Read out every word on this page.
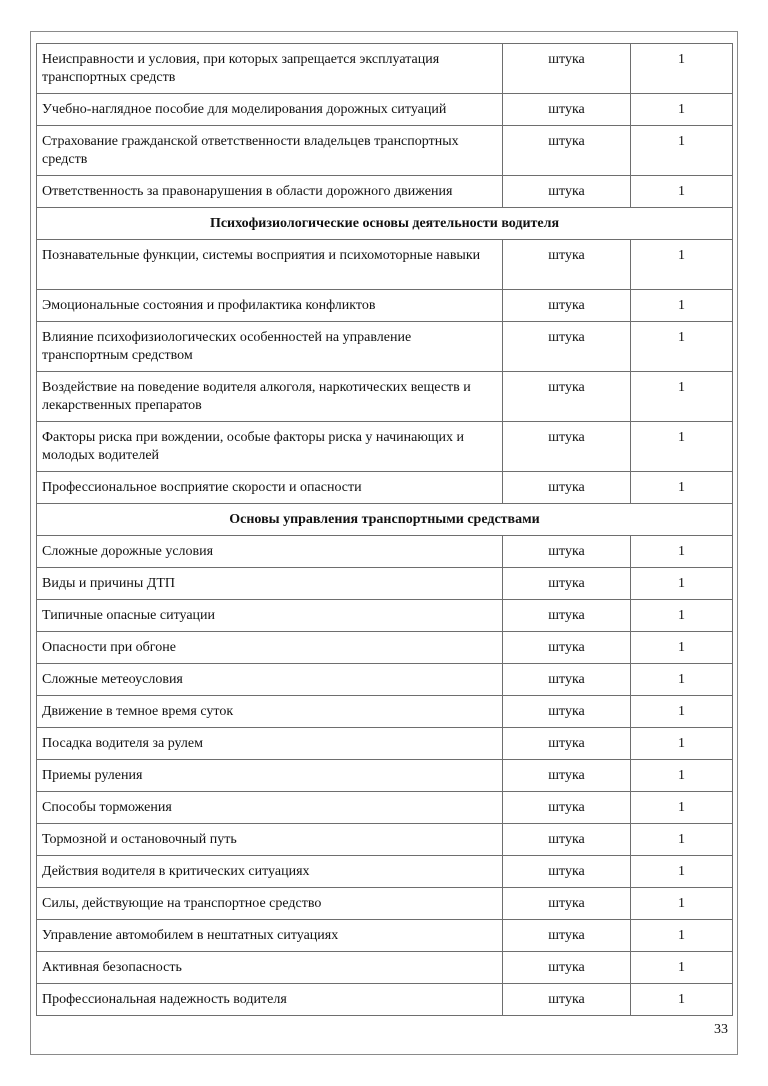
Неисправности и условия, при которых запрещается эксплуатация транспортных средств	штука	1
Учебно-наглядное пособие для моделирования дорожных ситуаций	штука	1
Страхование гражданской ответственности владельцев транспортных средств	штука	1
Ответственность за правонарушения в области дорожного движения	штука	1
Психофизиологические основы деятельности водителя		
Познавательные функции, системы восприятия и психомоторные навыки	штука	1
Эмоциональные состояния и профилактика конфликтов	штука	1
Влияние психофизиологических особенностей на управление транспортным средством	штука	1
Воздействие на поведение водителя алкоголя, наркотических веществ и лекарственных препаратов	штука	1
Факторы риска при вождении, особые факторы риска у начинающих и молодых водителей	штука	1
Профессиональное восприятие скорости и опасности	штука	1
Основы управления транспортными средствами		
Сложные дорожные условия	штука	1
Виды и причины ДТП	штука	1
Типичные опасные ситуации	штука	1
Опасности при обгоне	штука	1
Сложные метеоусловия	штука	1
Движение в темное время суток	штука	1
Посадка водителя за рулем	штука	1
Приемы руления	штука	1
Способы торможения	штука	1
Тормозной и остановочный путь	штука	1
Действия водителя в критических ситуациях	штука	1
Силы, действующие на транспортное средство	штука	1
Управление автомобилем в нештатных ситуациях	штука	1
Активная безопасность	штука	1
Профессиональная надежность водителя	штука	1
33
